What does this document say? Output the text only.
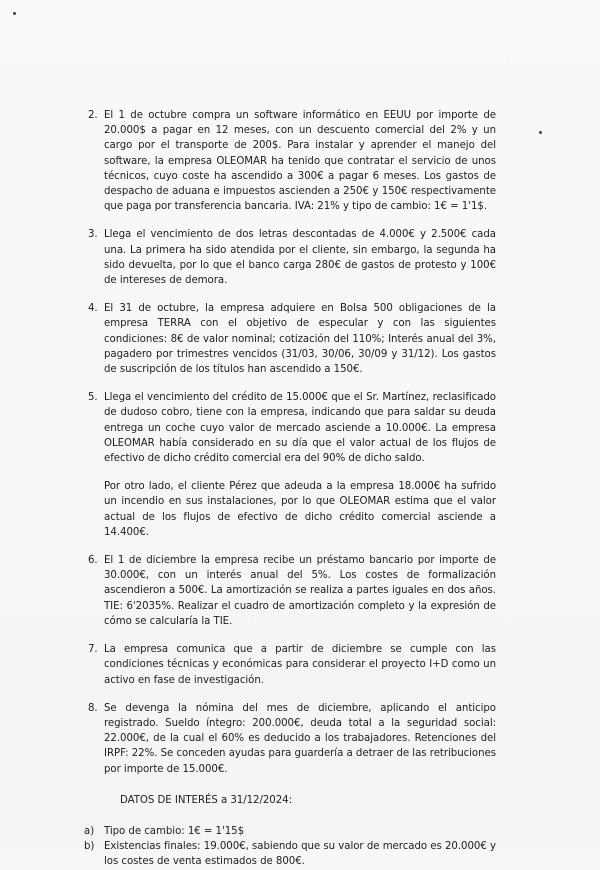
2. El 1 de octubre compra un software informático en EEUU por importe de 20.000$ a pagar en 12 meses, con un descuento comercial del 2% y un cargo por el transporte de 200$. Para instalar y aprender el manejo del software, la empresa OLEOMAR ha tenido que contratar el servicio de unos técnicos, cuyo coste ha ascendido a 300€ a pagar 6 meses. Los gastos de despacho de aduana e impuestos ascienden a 250€ y 150€ respectivamente que paga por transferencia bancaria. IVA: 21% y tipo de cambio: 1€ = 1'1$.
3. Llega el vencimiento de dos letras descontadas de 4.000€ y 2.500€ cada una. La primera ha sido atendida por el cliente, sin embargo, la segunda ha sido devuelta, por lo que el banco carga 280€ de gastos de protesto y 100€ de intereses de demora.
4. El 31 de octubre, la empresa adquiere en Bolsa 500 obligaciones de la empresa TERRA con el objetivo de especular y con las siguientes condiciones: 8€ de valor nominal; cotización del 110%; Interés anual del 3%, pagadero por trimestres vencidos (31/03, 30/06, 30/09 y 31/12). Los gastos de suscripción de los títulos han ascendido a 150€.
5. Llega el vencimiento del crédito de 15.000€ que el Sr. Martínez, reclasificado de dudoso cobro, tiene con la empresa, indicando que para saldar su deuda entrega un coche cuyo valor de mercado asciende a 10.000€. La empresa OLEOMAR había considerado en su día que el valor actual de los flujos de efectivo de dicho crédito comercial era del 90% de dicho saldo.
Por otro lado, el cliente Pérez que adeuda a la empresa 18.000€ ha sufrido un incendio en sus instalaciones, por lo que OLEOMAR estima que el valor actual de los flujos de efectivo de dicho crédito comercial asciende a 14.400€.
6. El 1 de diciembre la empresa recibe un préstamo bancario por importe de 30.000€, con un interés anual del 5%. Los costes de formalización ascendieron a 500€. La amortización se realiza a partes iguales en dos años. TIE: 6'2035%. Realizar el cuadro de amortización completo y la expresión de cómo se calcularía la TIE.
7. La empresa comunica que a partir de diciembre se cumple con las condiciones técnicas y económicas para considerar el proyecto I+D como un activo en fase de investigación.
8. Se devenga la nómina del mes de diciembre, aplicando el anticipo registrado. Sueldo íntegro: 200.000€, deuda total a la seguridad social: 22.000€, de la cual el 60% es deducido a los trabajadores. Retenciones del IRPF: 22%. Se conceden ayudas para guardería a detraer de las retribuciones por importe de 15.000€.
DATOS DE INTERÉS a 31/12/2024:
a) Tipo de cambio: 1€ = 1'15$
b) Existencias finales: 19.000€, sabiendo que su valor de mercado es 20.000€ y los costes de venta estimados de 800€.
